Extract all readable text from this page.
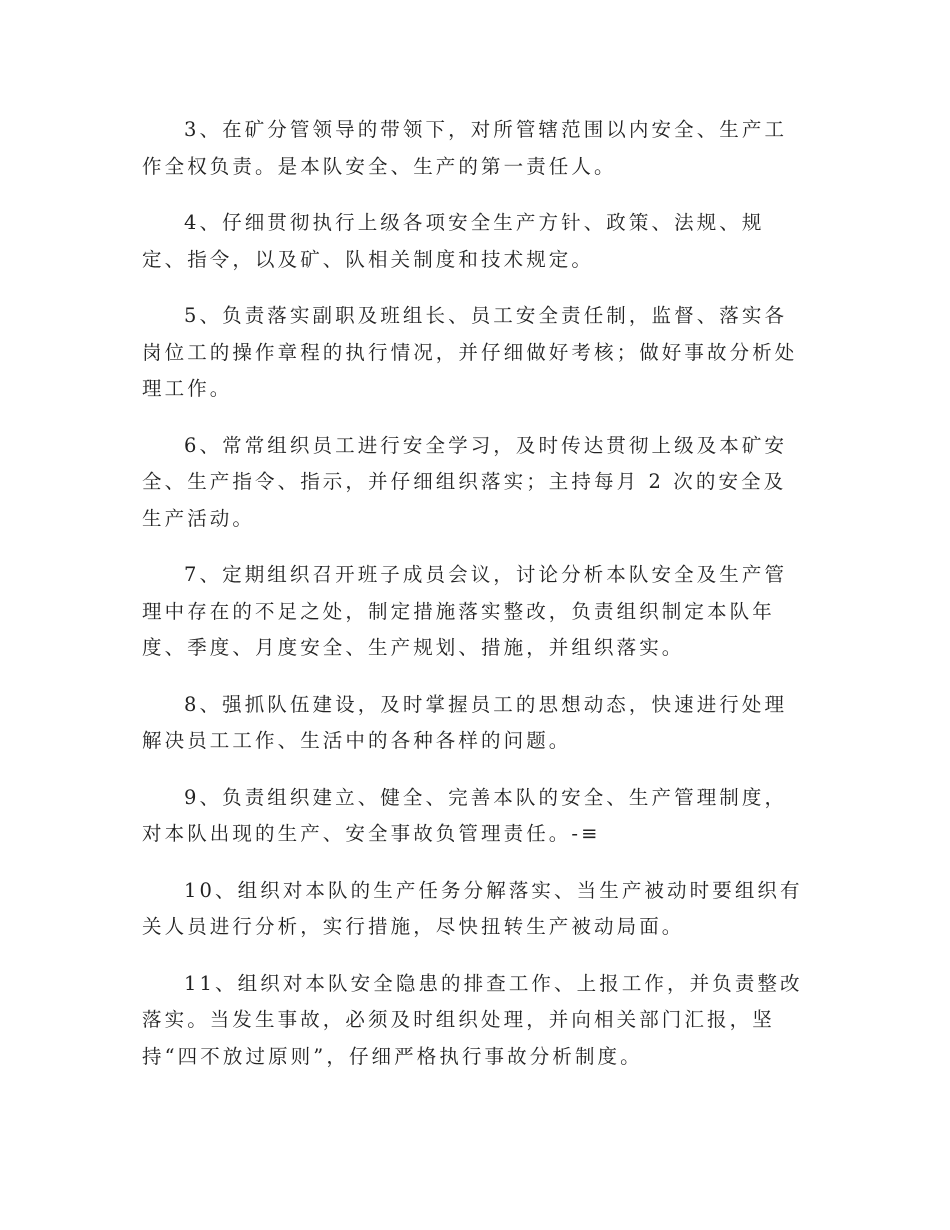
3、在矿分管领导的带领下，对所管辖范围以内安全、生产工作全权负责。是本队安全、生产的第一责任人。

4、仔细贯彻执行上级各项安全生产方针、政策、法规、规定、指令，以及矿、队相关制度和技术规定。

5、负责落实副职及班组长、员工安全责任制，监督、落实各岗位工的操作章程的执行情况，并仔细做好考核；做好事故分析处理工作。

6、常常组织员工进行安全学习，及时传达贯彻上级及本矿安全、生产指令、指示，并仔细组织落实；主持每月 2 次的安全及生产活动。

7、定期组织召开班子成员会议，讨论分析本队安全及生产管理中存在的不足之处，制定措施落实整改，负责组织制定本队年度、季度、月度安全、生产规划、措施，并组织落实。

8、强抓队伍建设，及时掌握员工的思想动态，快速进行处理解决员工工作、生活中的各种各样的问题。

9、负责组织建立、健全、完善本队的安全、生产管理制度，对本队出现的生产、安全事故负管理责任。-≡

10、组织对本队的生产任务分解落实、当生产被动时要组织有关人员进行分析，实行措施，尽快扭转生产被动局面。

11、组织对本队安全隐患的排查工作、上报工作，并负责整改落实。当发生事故，必须及时组织处理，并向相关部门汇报，坚持“四不放过原则”，仔细严格执行事故分析制度。
